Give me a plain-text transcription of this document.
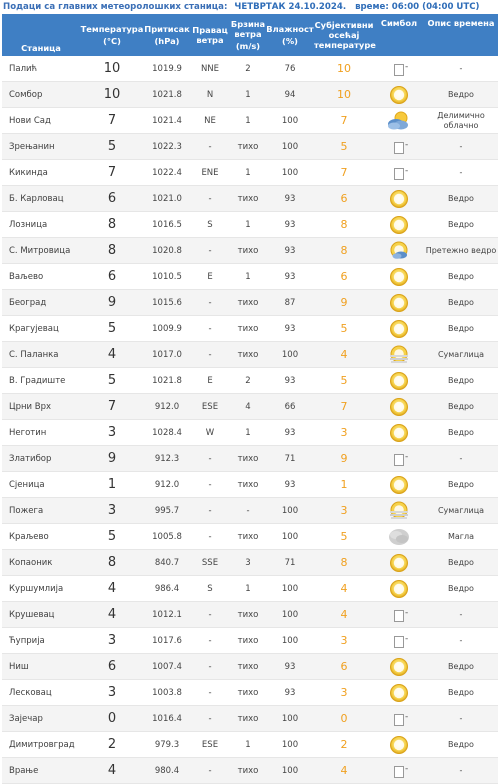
Подаци са главних метеоролошких станица: ЧЕТВРТАК 24.10.2024. време: 06:00 (04:00 UTC)
Станица	Температура
(°C)	Притисак
(hPa)	Правац ветра	Брзина ветра
(m/s)	Влажност
(%)	Субјективни осећај температуре	Симбол	Опис времена
Палић	10	1019.9	NNE	2	76	10	-	-
Сомбор	10	1021.8	N	1	94	10		Ведро
Нови Сад	7	1021.4	NE	1	100	7		Делимично облачно
Зрењанин	5	1022.3	-	тихо	100	5	-	-
Кикинда	7	1022.4	ENE	1	100	7	-	-
Б. Карловац	6	1021.0	-	тихо	93	6		Ведро
Лозница	8	1016.5	S	1	93	8		Ведро
С. Митровица	8	1020.8	-	тихо	93	8		Претежно ведро
Ваљево	6	1010.5	E	1	93	6		Ведро
Београд	9	1015.6	-	тихо	87	9		Ведро
Крагујевац	5	1009.9	-	тихо	93	5		Ведро
С. Паланка	4	1017.0	-	тихо	100	4		Сумаглица
В. Градиште	5	1021.8	E	2	93	5		Ведро
Црни Врх	7	912.0	ESE	4	66	7		Ведро
Неготин	3	1028.4	W	1	93	3		Ведро
Златибор	9	912.3	-	тихо	71	9	-	-
Сјеница	1	912.0	-	тихо	93	1		Ведро
Пожега	3	995.7	-	-	100	3		Сумаглица
Краљево	5	1005.8	-	тихо	100	5		Магла
Копаоник	8	840.7	SSE	3	71	8		Ведро
Куршумлија	4	986.4	S	1	100	4		Ведро
Крушевац	4	1012.1	-	тихо	100	4	-	-
Ћуприја	3	1017.6	-	тихо	100	3	-	-
Ниш	6	1007.4	-	тихо	93	6		Ведро
Лесковац	3	1003.8	-	тихо	93	3		Ведро
Зајечар	0	1016.4	-	тихо	100	0	-	-
Димитровград	2	979.3	ESE	1	100	2		Ведро
Врање	4	980.4	-	тихо	100	4	-	-
